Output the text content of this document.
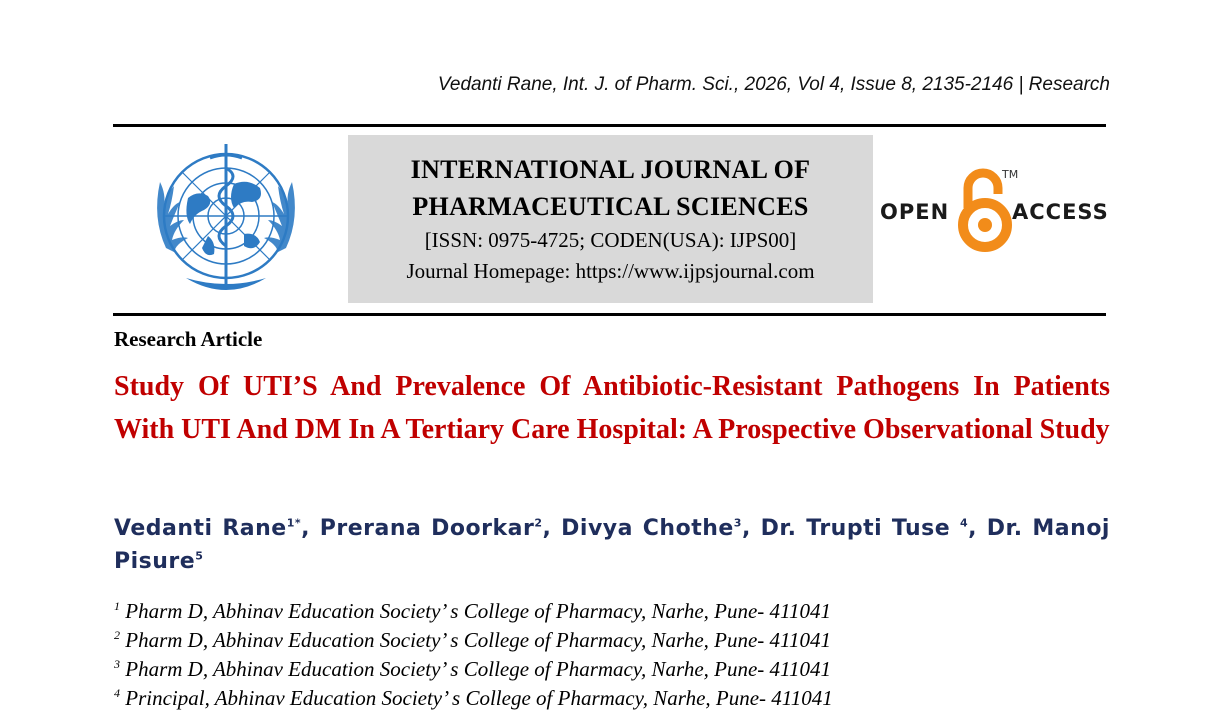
Vedanti Rane, Int. J. of Pharm. Sci., 2026, Vol 4, Issue 8, 2135-2146 | Research
INTERNATIONAL JOURNAL OF
PHARMACEUTICAL SCIENCES
[ISSN: 0975-4725; CODEN(USA): IJPS00]
Journal Homepage: https://www.ijpsjournal.com
OPEN
TM
ACCESS
Research Article
Study Of UTI’S And Prevalence Of Antibiotic-Resistant Pathogens In Patients With UTI And DM In A Tertiary Care Hospital: A Prospective Observational Study
Vedanti Rane$^{1*}$, Prerana Doorkar$^2$, Divya Chothe$^3$, Dr. Trupti Tuse $^4$, Dr. Manoj Pisure$^5$
$^1$ Pharm D, Abhinav Education Society’ s College of Pharmacy, Narhe, Pune- 411041
$^2$ Pharm D, Abhinav Education Society’ s College of Pharmacy, Narhe, Pune- 411041
$^3$ Pharm D, Abhinav Education Society’ s College of Pharmacy, Narhe, Pune- 411041
$^4$ Principal, Abhinav Education Society’ s College of Pharmacy, Narhe, Pune- 411041
